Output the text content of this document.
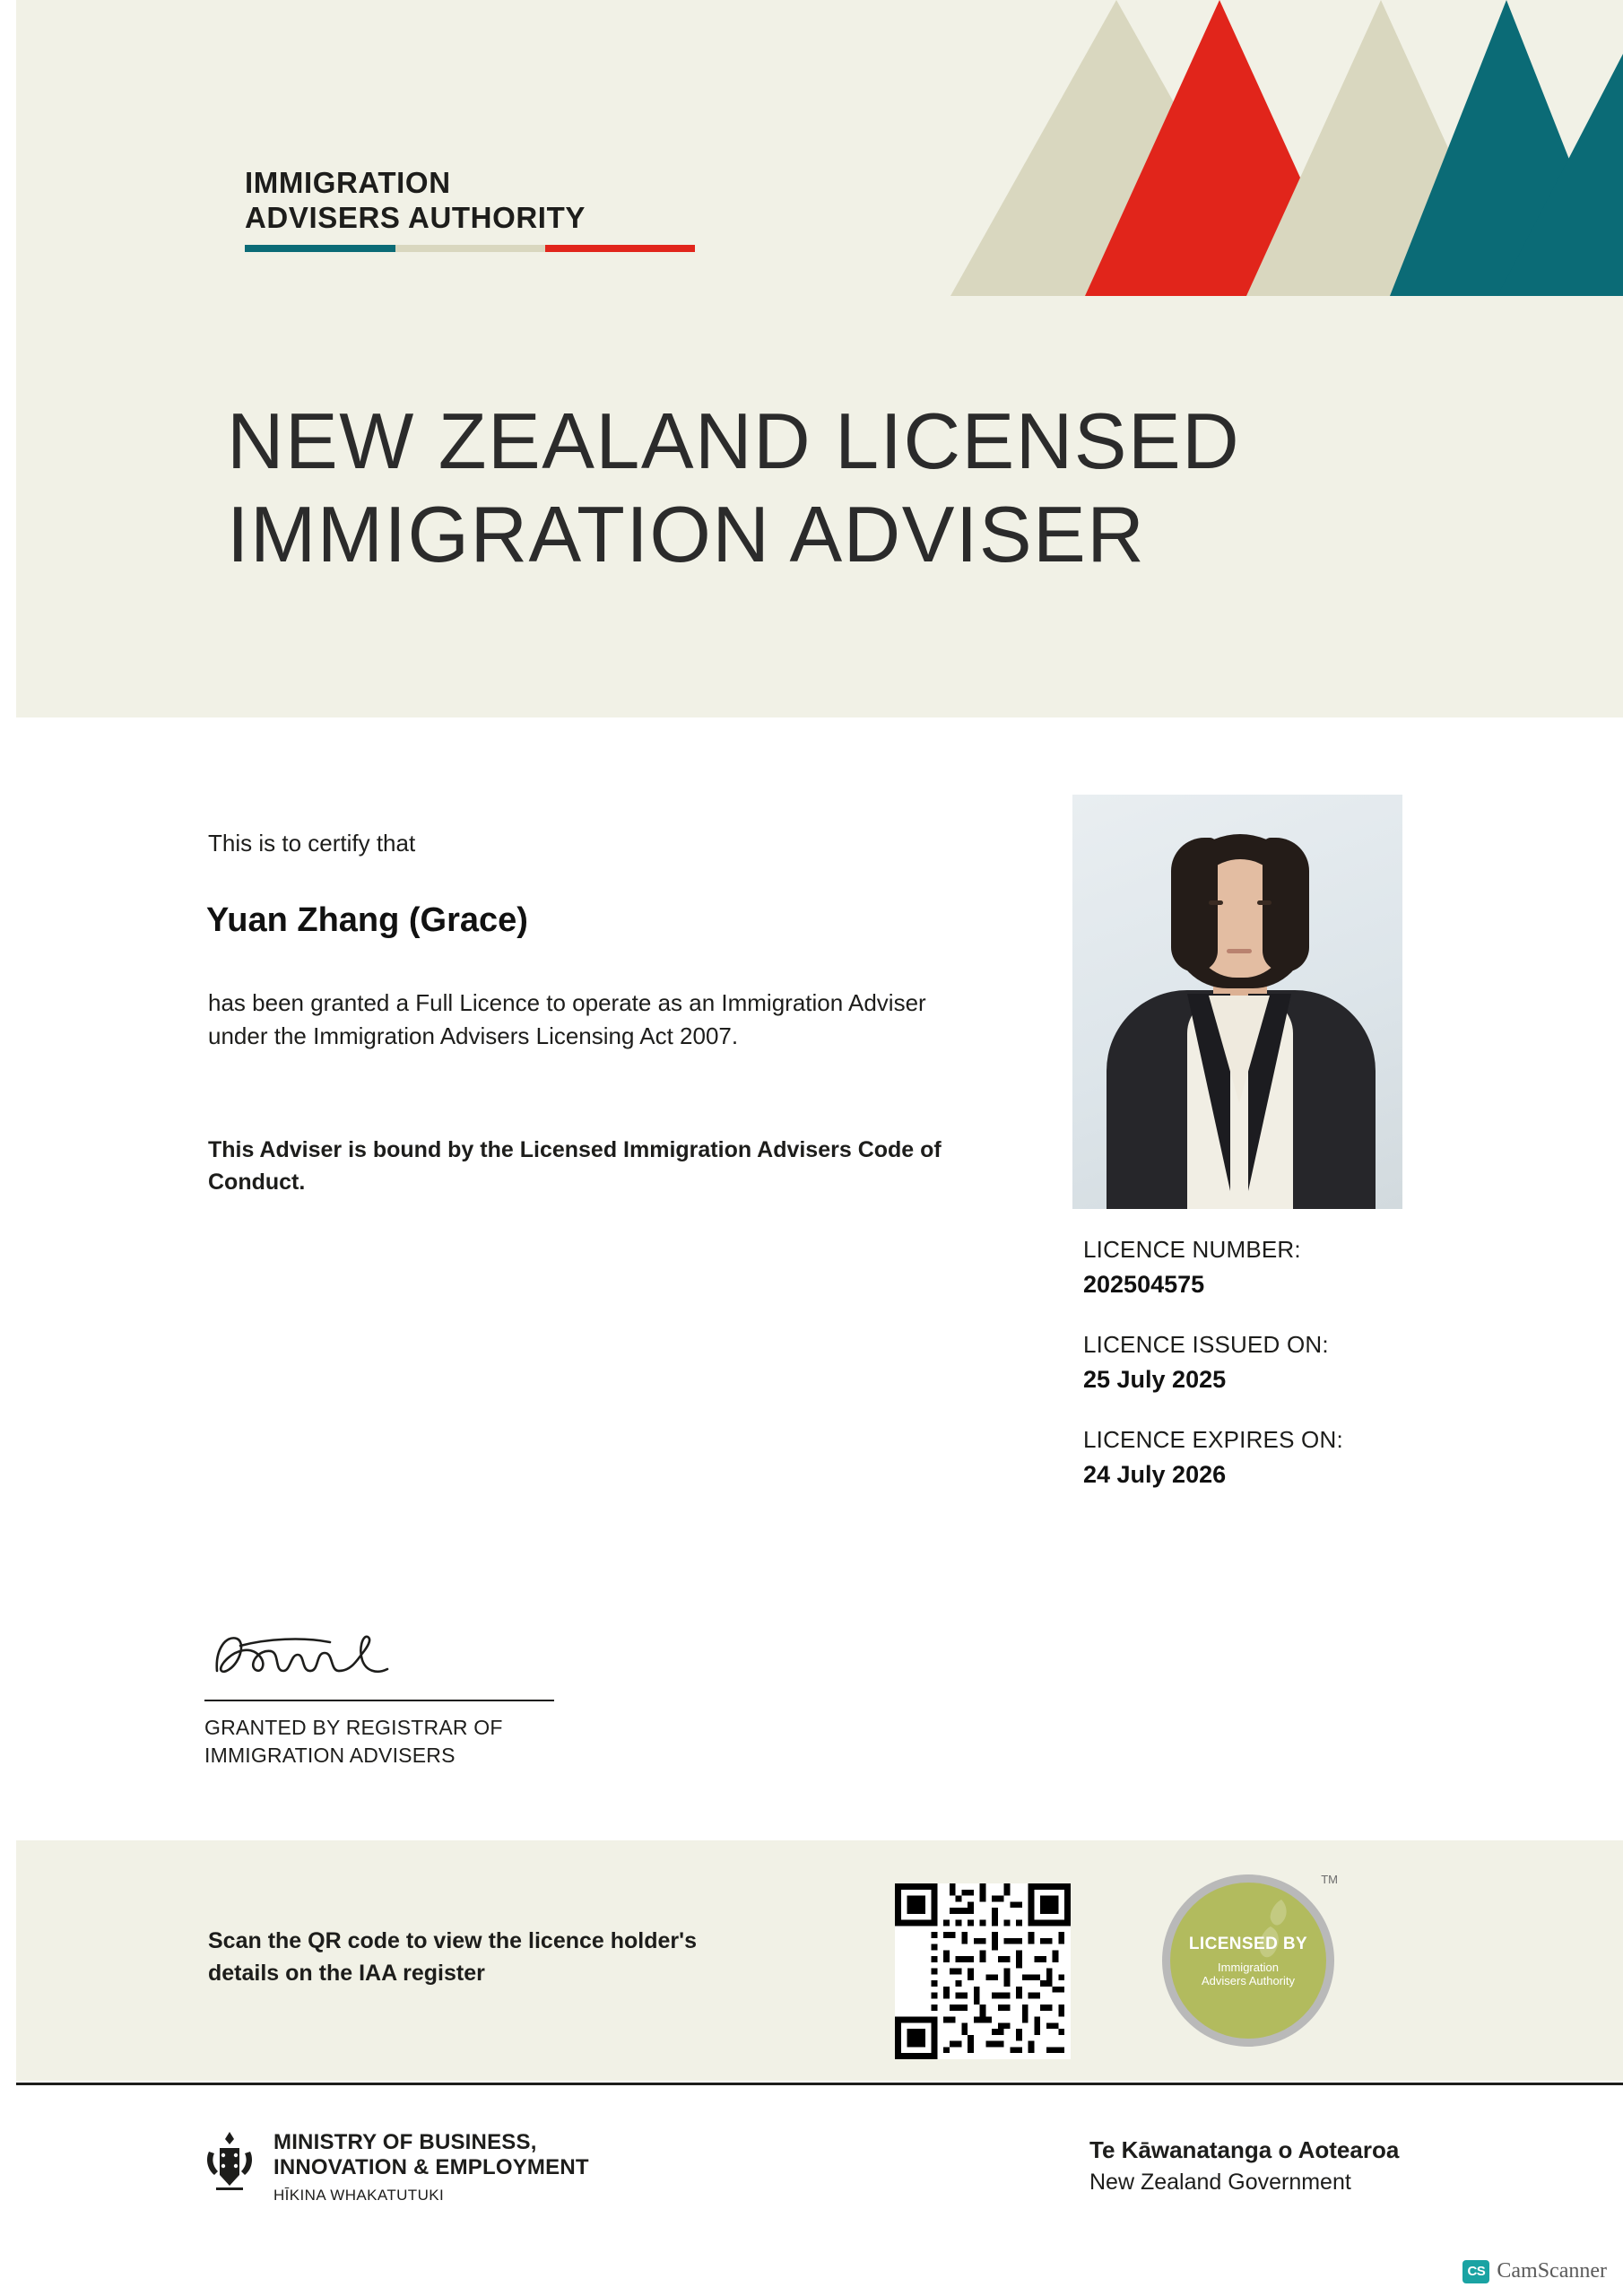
IMMIGRATION
ADVISERS AUTHORITY
NEW ZEALAND LICENSED
IMMIGRATION ADVISER
This is to certify that
Yuan Zhang (Grace)
has been granted a Full Licence to operate as an Immigration Adviser under the Immigration Advisers Licensing Act 2007.
This Adviser is bound by the Licensed Immigration Advisers Code of Conduct.
LICENCE NUMBER:
202504575
LICENCE ISSUED ON:
25 July 2025
LICENCE EXPIRES ON:
24 July 2026
GRANTED BY REGISTRAR OF
IMMIGRATION ADVISERS
Scan the QR code to view the licence holder's
details on the IAA register
LICENSED BY
Immigration
Advisers Authority
TM
MINISTRY OF BUSINESS,
INNOVATION & EMPLOYMENT
HĪKINA WHAKATUTUKI
Te Kāwanatanga o Aotearoa
New Zealand Government
CS CamScanner
